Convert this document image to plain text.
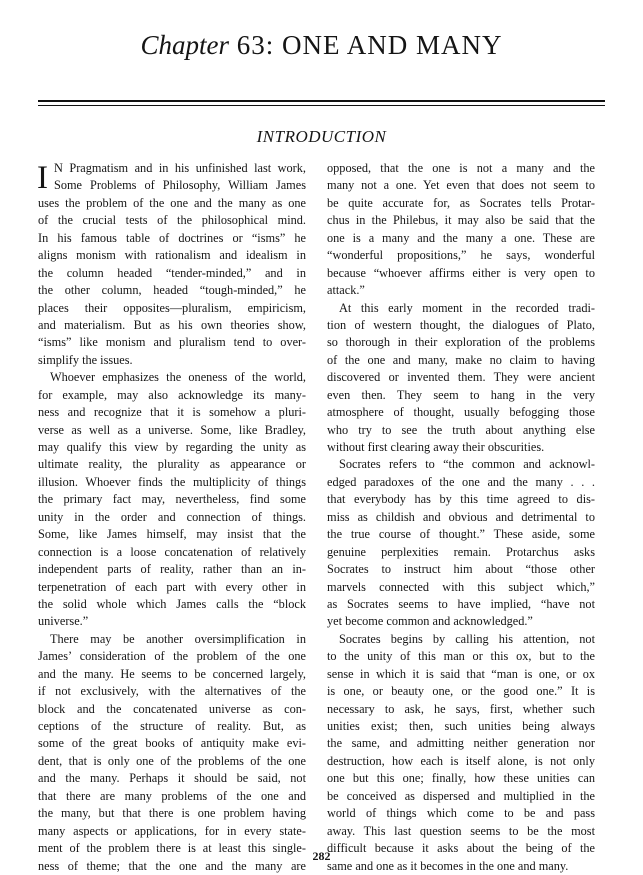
Chapter 63: ONE AND MANY
INTRODUCTION
I N Pragmatism and in his unfinished last work,
Some Problems of Philosophy, William James
uses the problem of the one and the many as one
of the crucial tests of the philosophical mind.
In his famous table of doctrines or “isms” he
aligns monism with rationalism and idealism in
the column headed “tender-minded,” and in
the other column, headed “tough-minded,” he
places their opposites—pluralism, empiricism,
and materialism. But as his own theories show,
“isms” like monism and pluralism tend to over-
simplify the issues.
Whoever emphasizes the oneness of the world,
for example, may also acknowledge its many-
ness and recognize that it is somehow a pluri-
verse as well as a universe. Some, like Bradley,
may qualify this view by regarding the unity as
ultimate reality, the plurality as appearance or
illusion. Whoever finds the multiplicity of things
the primary fact may, nevertheless, find some
unity in the order and connection of things.
Some, like James himself, may insist that the
connection is a loose concatenation of relatively
independent parts of reality, rather than an in-
terpenetration of each part with every other in
the solid whole which James calls the “block
universe.”
There may be another oversimplification in
James’ consideration of the problem of the one
and the many. He seems to be concerned largely,
if not exclusively, with the alternatives of the
block and the concatenated universe as con-
ceptions of the structure of reality. But, as
some of the great books of antiquity make evi-
dent, that is only one of the problems of the one
and the many. Perhaps it should be said, not
that there are many problems of the one and
the many, but that there is one problem having
many aspects or applications, for in every state-
ment of the problem there is at least this single-
ness of theme; that the one and the many are
opposed, that the one is not a many and the
many not a one. Yet even that does not seem to
be quite accurate for, as Socrates tells Protar-
chus in the Philebus, it may also be said that the
one is a many and the many a one. These are
“wonderful propositions,” he says, wonderful
because “whoever affirms either is very open to
attack.”
At this early moment in the recorded tradi-
tion of western thought, the dialogues of Plato,
so thorough in their exploration of the problems
of the one and many, make no claim to having
discovered or invented them. They were ancient
even then. They seem to hang in the very
atmosphere of thought, usually befogging those
who try to see the truth about anything else
without first clearing away their obscurities.
Socrates refers to “the common and acknowl-
edged paradoxes of the one and the many . . .
that everybody has by this time agreed to dis-
miss as childish and obvious and detrimental to
the true course of thought.” These aside, some
genuine perplexities remain. Protarchus asks
Socrates to instruct him about “those other
marvels connected with this subject which,”
as Socrates seems to have implied, “have not
yet become common and acknowledged.”
Socrates begins by calling his attention, not
to the unity of this man or this ox, but to the
sense in which it is said that “man is one, or ox
is one, or beauty one, or the good one.” It is
necessary to ask, he says, first, whether such
unities exist; then, such unities being always
the same, and admitting neither generation nor
destruction, how each is itself alone, is not only
one but this one; finally, how these unities can
be conceived as dispersed and multiplied in the
world of things which come to be and pass
away. This last question seems to be the most
difficult because it asks about the being of the
same and one as it becomes in the one and many.
282
